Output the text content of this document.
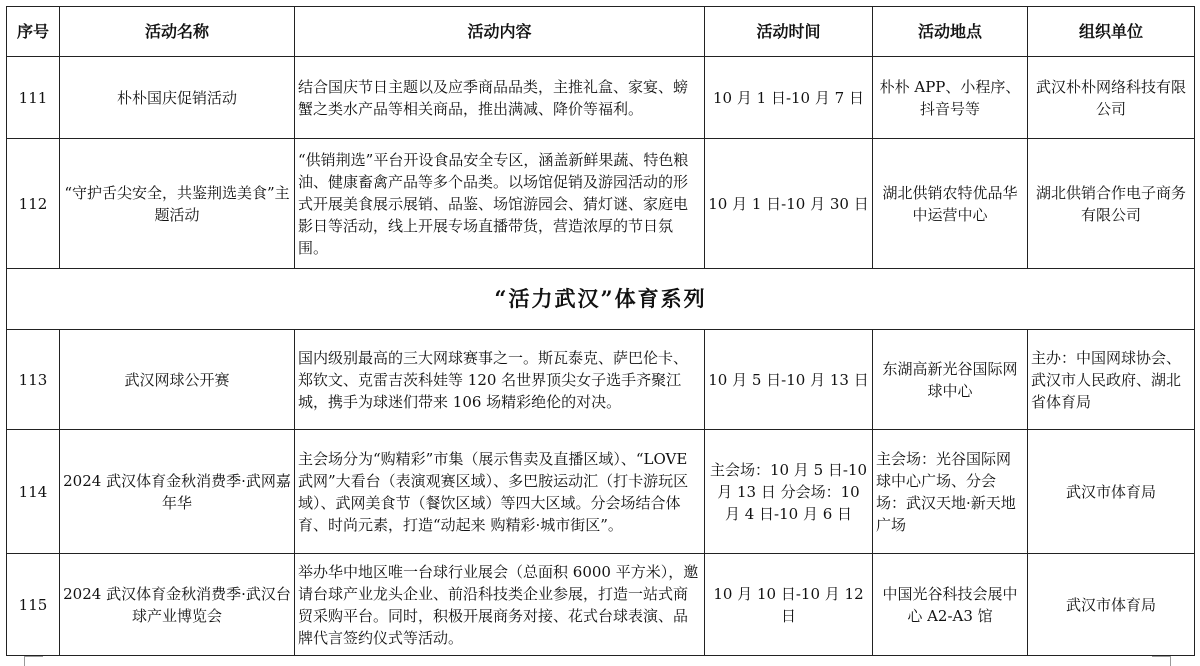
序号	活动名称	活动内容	活动时间	活动地点	组织单位
111	朴朴国庆促销活动	结合国庆节日主题以及应季商品品类，主推礼盒、家宴、螃蟹之类水产品等相关商品，推出满减、降价等福利。	10 月 1 日-10 月 7 日	朴朴 APP、小程序、抖音号等	武汉朴朴网络科技有限公司
112	“守护舌尖安全，共鉴荆选美食”主题活动	“供销荆选”平台开设食品安全专区，涵盖新鲜果蔬、特色粮油、健康畜禽产品等多个品类。以场馆促销及游园活动的形式开展美食展示展销、品鉴、场馆游园会、猜灯谜、家庭电影日等活动，线上开展专场直播带货，营造浓厚的节日氛围。	10 月 1 日-10 月 30 日	湖北供销农特优品华中运营中心	湖北供销合作电子商务有限公司
“活力武汉”体育系列					
113	武汉网球公开赛	国内级别最高的三大网球赛事之一。斯瓦泰克、萨巴伦卡、郑钦文、克雷吉茨科娃等 120 名世界顶尖女子选手齐聚江城，携手为球迷们带来 106 场精彩绝伦的对决。	10 月 5 日-10 月 13 日	东湖高新光谷国际网球中心	主办：中国网球协会、武汉市人民政府、湖北省体育局
114	2024 武汉体育金秋消费季·武网嘉年华	主会场分为“购精彩”市集（展示售卖及直播区域）、“LOVE 武网”大看台（表演观赛区域）、多巴胺运动汇（打卡游玩区域）、武网美食节（餐饮区域）等四大区域。分会场结合体育、时尚元素，打造“动起来 购精彩·城市街区”。	主会场：10 月 5 日-10 月 13 日 分会场：10 月 4 日-10 月 6 日	主会场：光谷国际网球中心广场、分会场：武汉天地·新天地广场	武汉市体育局
115	2024 武汉体育金秋消费季·武汉台球产业博览会	举办华中地区唯一台球行业展会（总面积 6000 平方米），邀请台球产业龙头企业、前沿科技类企业参展，打造一站式商贸采购平台。同时，积极开展商务对接、花式台球表演、品牌代言签约仪式等活动。	10 月 10 日-10 月 12 日	中国光谷科技会展中心 A2-A3 馆	武汉市体育局
